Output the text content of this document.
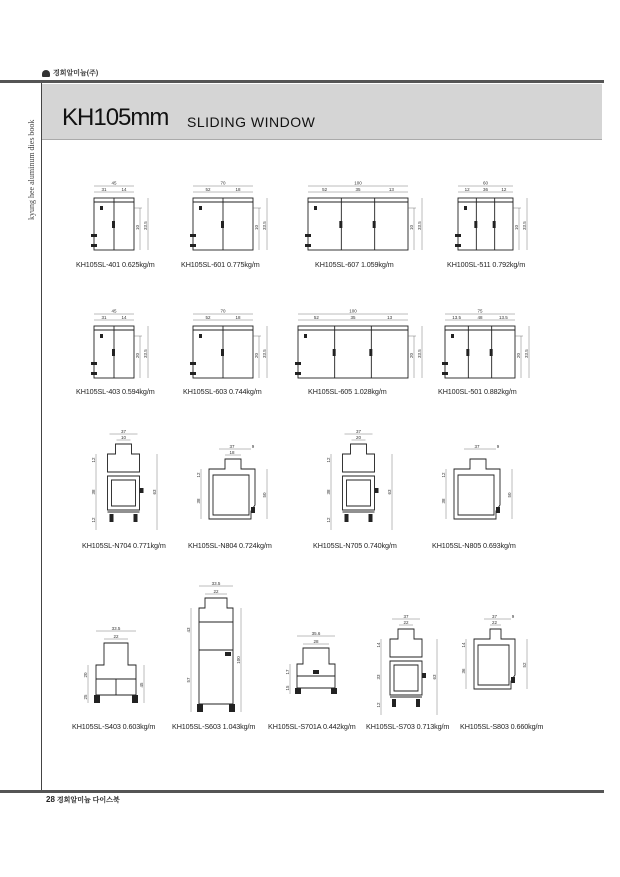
경희알미늄(주)
kyung hee aluminum dies book
KH105mm SLIDING WINDOW
45
31	14
10 33.5
KH105SL-401 0.625kg/m
70
52	18
10 33.5
KH105SL-601 0.775kg/m
100
52	35	13
10 33.5
KH105SL-607 1.059kg/m
60
12	36	12
10 33.5
KH100SL-511 0.792kg/m
45
31	14
20 33.5
KH105SL-403 0.594kg/m
70
52	18
20 33.5
KH105SL-603 0.744kg/m
100
52	35	13
20 33.5
KH105SL-605 1.028kg/m
75
13.5	48	13.5
20 33.5
KH100SL-501 0.882kg/m
37
10
12
38
12
63
KH105SL-N704 0.771kg/m
37	9
18
12
38
50
KH105SL-N804 0.724kg/m
37
20
12
38
12
63
KH105SL-N705 0.740kg/m
37	9
12
38
50
KH105SL-N805 0.693kg/m
33.5
22
20
25
45
KH105SL-S403 0.603kg/m
33.5
22
43
57
100
KH105SL-S603 1.043kg/m
35.6
28
17
15
KH105SL-S701A 0.442kg/m
37
22
14
33
12
63
KH105SL-S703 0.713kg/m
37	9
22
14
36
52
KH105SL-S803 0.660kg/m
28 경희알미늄 다이스북
